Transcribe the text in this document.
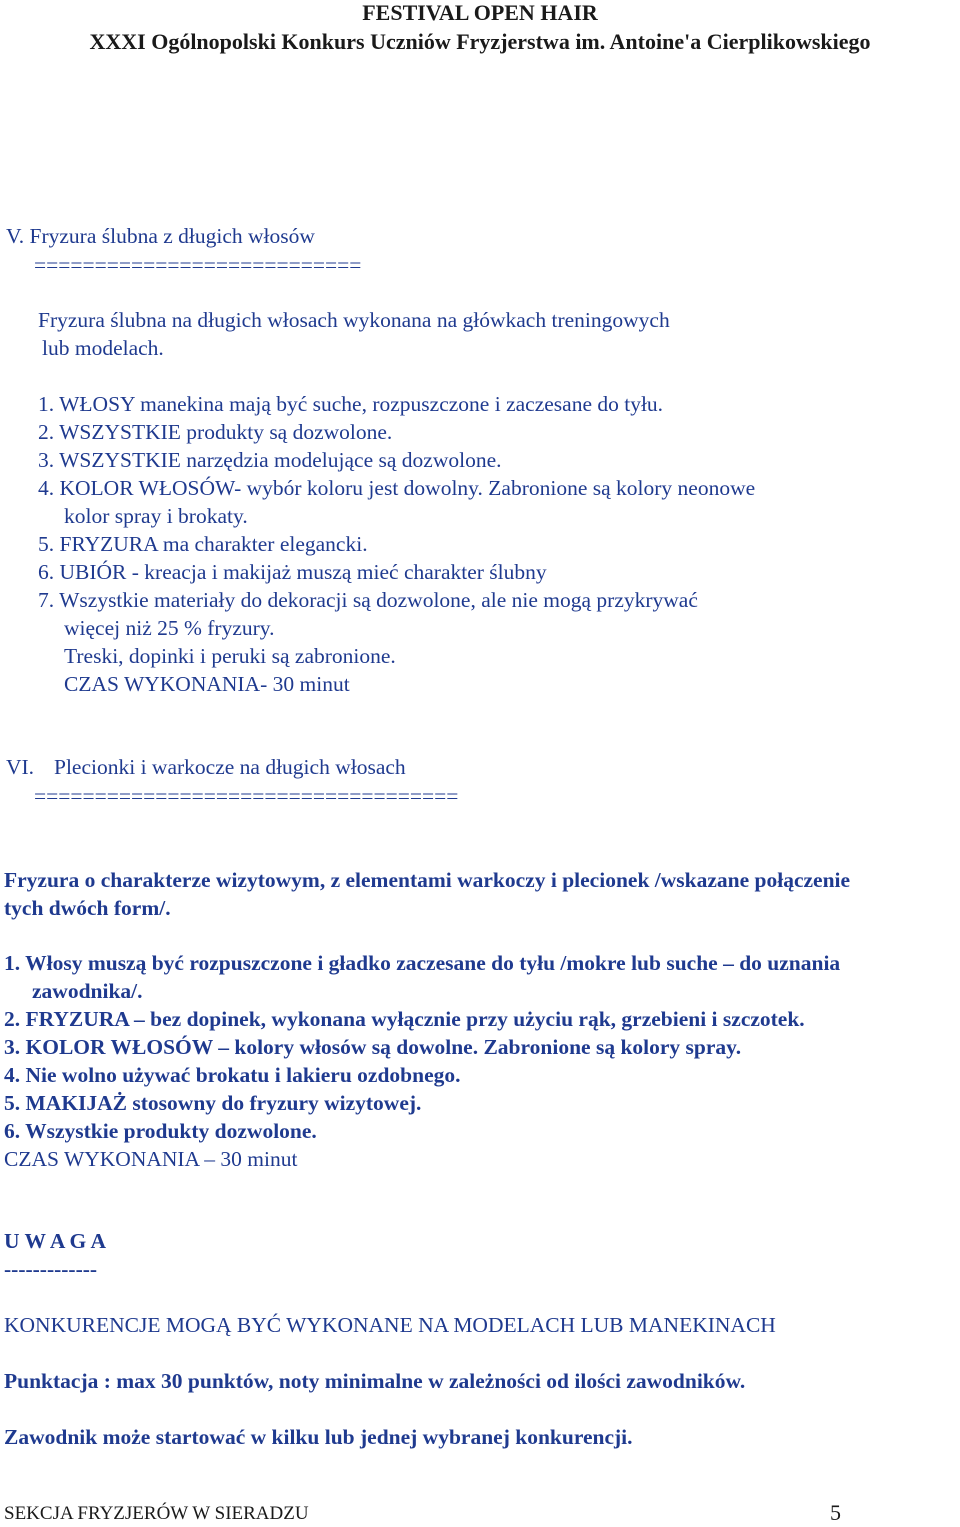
FESTIVAL OPEN HAIR
XXXI Ogólnopolski Konkurs Uczniów Fryzjerstwa im. Antoine'a Cierplikowskiego
V. Fryzura ślubna z długich włosów
===========================
Fryzura ślubna na długich włosach wykonana na główkach treningowych
lub modelach.
1. WŁOSY manekina mają być suche, rozpuszczone i zaczesane do tyłu.
2. WSZYSTKIE produkty są dozwolone.
3. WSZYSTKIE narzędzia modelujące są dozwolone.
4. KOLOR WŁOSÓW- wybór koloru jest dowolny. Zabronione są kolory neonowe
kolor spray i brokaty.
5. FRYZURA ma charakter elegancki.
6. UBIÓR - kreacja i makijaż muszą mieć charakter ślubny
7. Wszystkie materiały do dekoracji są dozwolone, ale nie mogą przykrywać
więcej niż 25 % fryzury.
Treski, dopinki i peruki są zabronione.
CZAS WYKONANIA- 30 minut
VI. Plecionki i warkocze na długich włosach
===================================
Fryzura o charakterze wizytowym, z elementami warkoczy i plecionek /wskazane połączenie
tych dwóch form/.
1. Włosy muszą być rozpuszczone i gładko zaczesane do tyłu /mokre lub suche – do uznania
zawodnika/.
2. FRYZURA – bez dopinek, wykonana wyłącznie przy użyciu rąk, grzebieni i szczotek.
3. KOLOR WŁOSÓW – kolory włosów są dowolne. Zabronione są kolory spray.
4. Nie wolno używać brokatu i lakieru ozdobnego.
5. MAKIJAŻ stosowny do fryzury wizytowej.
6. Wszystkie produkty dozwolone.
CZAS WYKONANIA – 30 minut
U W A G A
-------------
KONKURENCJE MOGĄ BYĆ WYKONANE NA MODELACH LUB MANEKINACH
Punktacja : max 30 punktów, noty minimalne w zależności od ilości zawodników.
Zawodnik może startować w kilku lub jednej wybranej konkurencji.
SEKCJA FRYZJERÓW W SIERADZU	5
